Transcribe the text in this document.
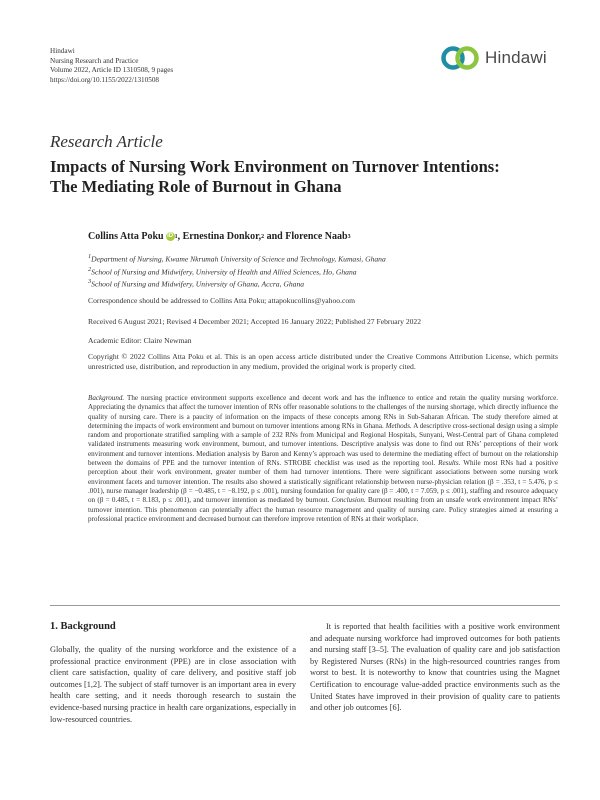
Hindawi
Nursing Research and Practice
Volume 2022, Article ID 1310508, 9 pages
https://doi.org/10.1155/2022/1310508
Hindawi
Research Article
Impacts of Nursing Work Environment on Turnover Intentions:
The Mediating Role of Burnout in Ghana
Collins Atta Poku iD 1 , Ernestina Donkor, 2 and Florence Naab 3
$^1$Department of Nursing, Kwame Nkrumah University of Science and Technology, Kumasi, Ghana
$^2$School of Nursing and Midwifery, University of Health and Allied Sciences, Ho, Ghana
$^3$School of Nursing and Midwifery, University of Ghana, Accra, Ghana
Correspondence should be addressed to Collins Atta Poku; attapokucollins@yahoo.com
Received 6 August 2021; Revised 4 December 2021; Accepted 16 January 2022; Published 27 February 2022
Academic Editor: Claire Newman
Copyright © 2022 Collins Atta Poku et al. This is an open access article distributed under the Creative Commons Attribution License, which permits unrestricted use, distribution, and reproduction in any medium, provided the original work is properly cited.
Background. The nursing practice environment supports excellence and decent work and has the influence to entice and retain the quality nursing workforce. Appreciating the dynamics that affect the turnover intention of RNs offer reasonable solutions to the challenges of the nursing shortage, which directly influence the quality of nursing care. There is a paucity of information on the impacts of these concepts among RNs in Sub-Saharan African. The study therefore aimed at determining the impacts of work environment and burnout on turnover intentions among RNs in Ghana. Methods. A descriptive cross-sectional design using a simple random and proportionate stratified sampling with a sample of 232 RNs from Municipal and Regional Hospitals, Sunyani, West-Central part of Ghana completed validated instruments measuring work environment, burnout, and turnover intentions. Descriptive analysis was done to find out RNs’ perceptions of their work environment and turnover intentions. Mediation analysis by Baron and Kenny’s approach was used to determine the mediating effect of burnout on the relationship between the domains of PPE and the turnover intention of RNs. STROBE checklist was used as the reporting tool. Results. While most RNs had a positive perception about their work environment, greater number of them had turnover intentions. There were significant associations between some nursing work environment facets and turnover intention. The results also showed a statistically significant relationship between nurse-physician relation (β = .353, t = 5.476, p ≤ .001), nurse manager leadership (β = −0.485, t = −8.192, p ≤ .001), nursing foundation for quality care (β = .400, t = 7.059, p ≤ .001), staffing and resource adequacy on (β = 0.485, t = 8.183, p ≤ .001), and turnover intention as mediated by burnout. Conclusion. Burnout resulting from an unsafe work environment impact RNs’ turnover intention. This phenomenon can potentially affect the human resource management and quality of nursing care. Policy strategies aimed at ensuring a professional practice environment and decreased burnout can therefore improve retention of RNs at their workplace.
1. Background
Globally, the quality of the nursing workforce and the existence of a professional practice environment (PPE) are in close association with client care satisfaction, quality of care delivery, and positive staff job outcomes [1,2]. The subject of staff turnover is an important area in every health care setting, and it needs thorough research to sustain the evidence-based nursing practice in health care organizations, especially in low-resourced countries.
It is reported that health facilities with a positive work environment and adequate nursing workforce had improved outcomes for both patients and nursing staff [3–5]. The evaluation of quality care and job satisfaction by Registered Nurses (RNs) in the high-resourced countries ranges from worst to best. It is noteworthy to know that countries using the Magnet Certification to encourage value-added practice environments such as the United States have improved in their provision of quality care to patients and other job outcomes [6].
